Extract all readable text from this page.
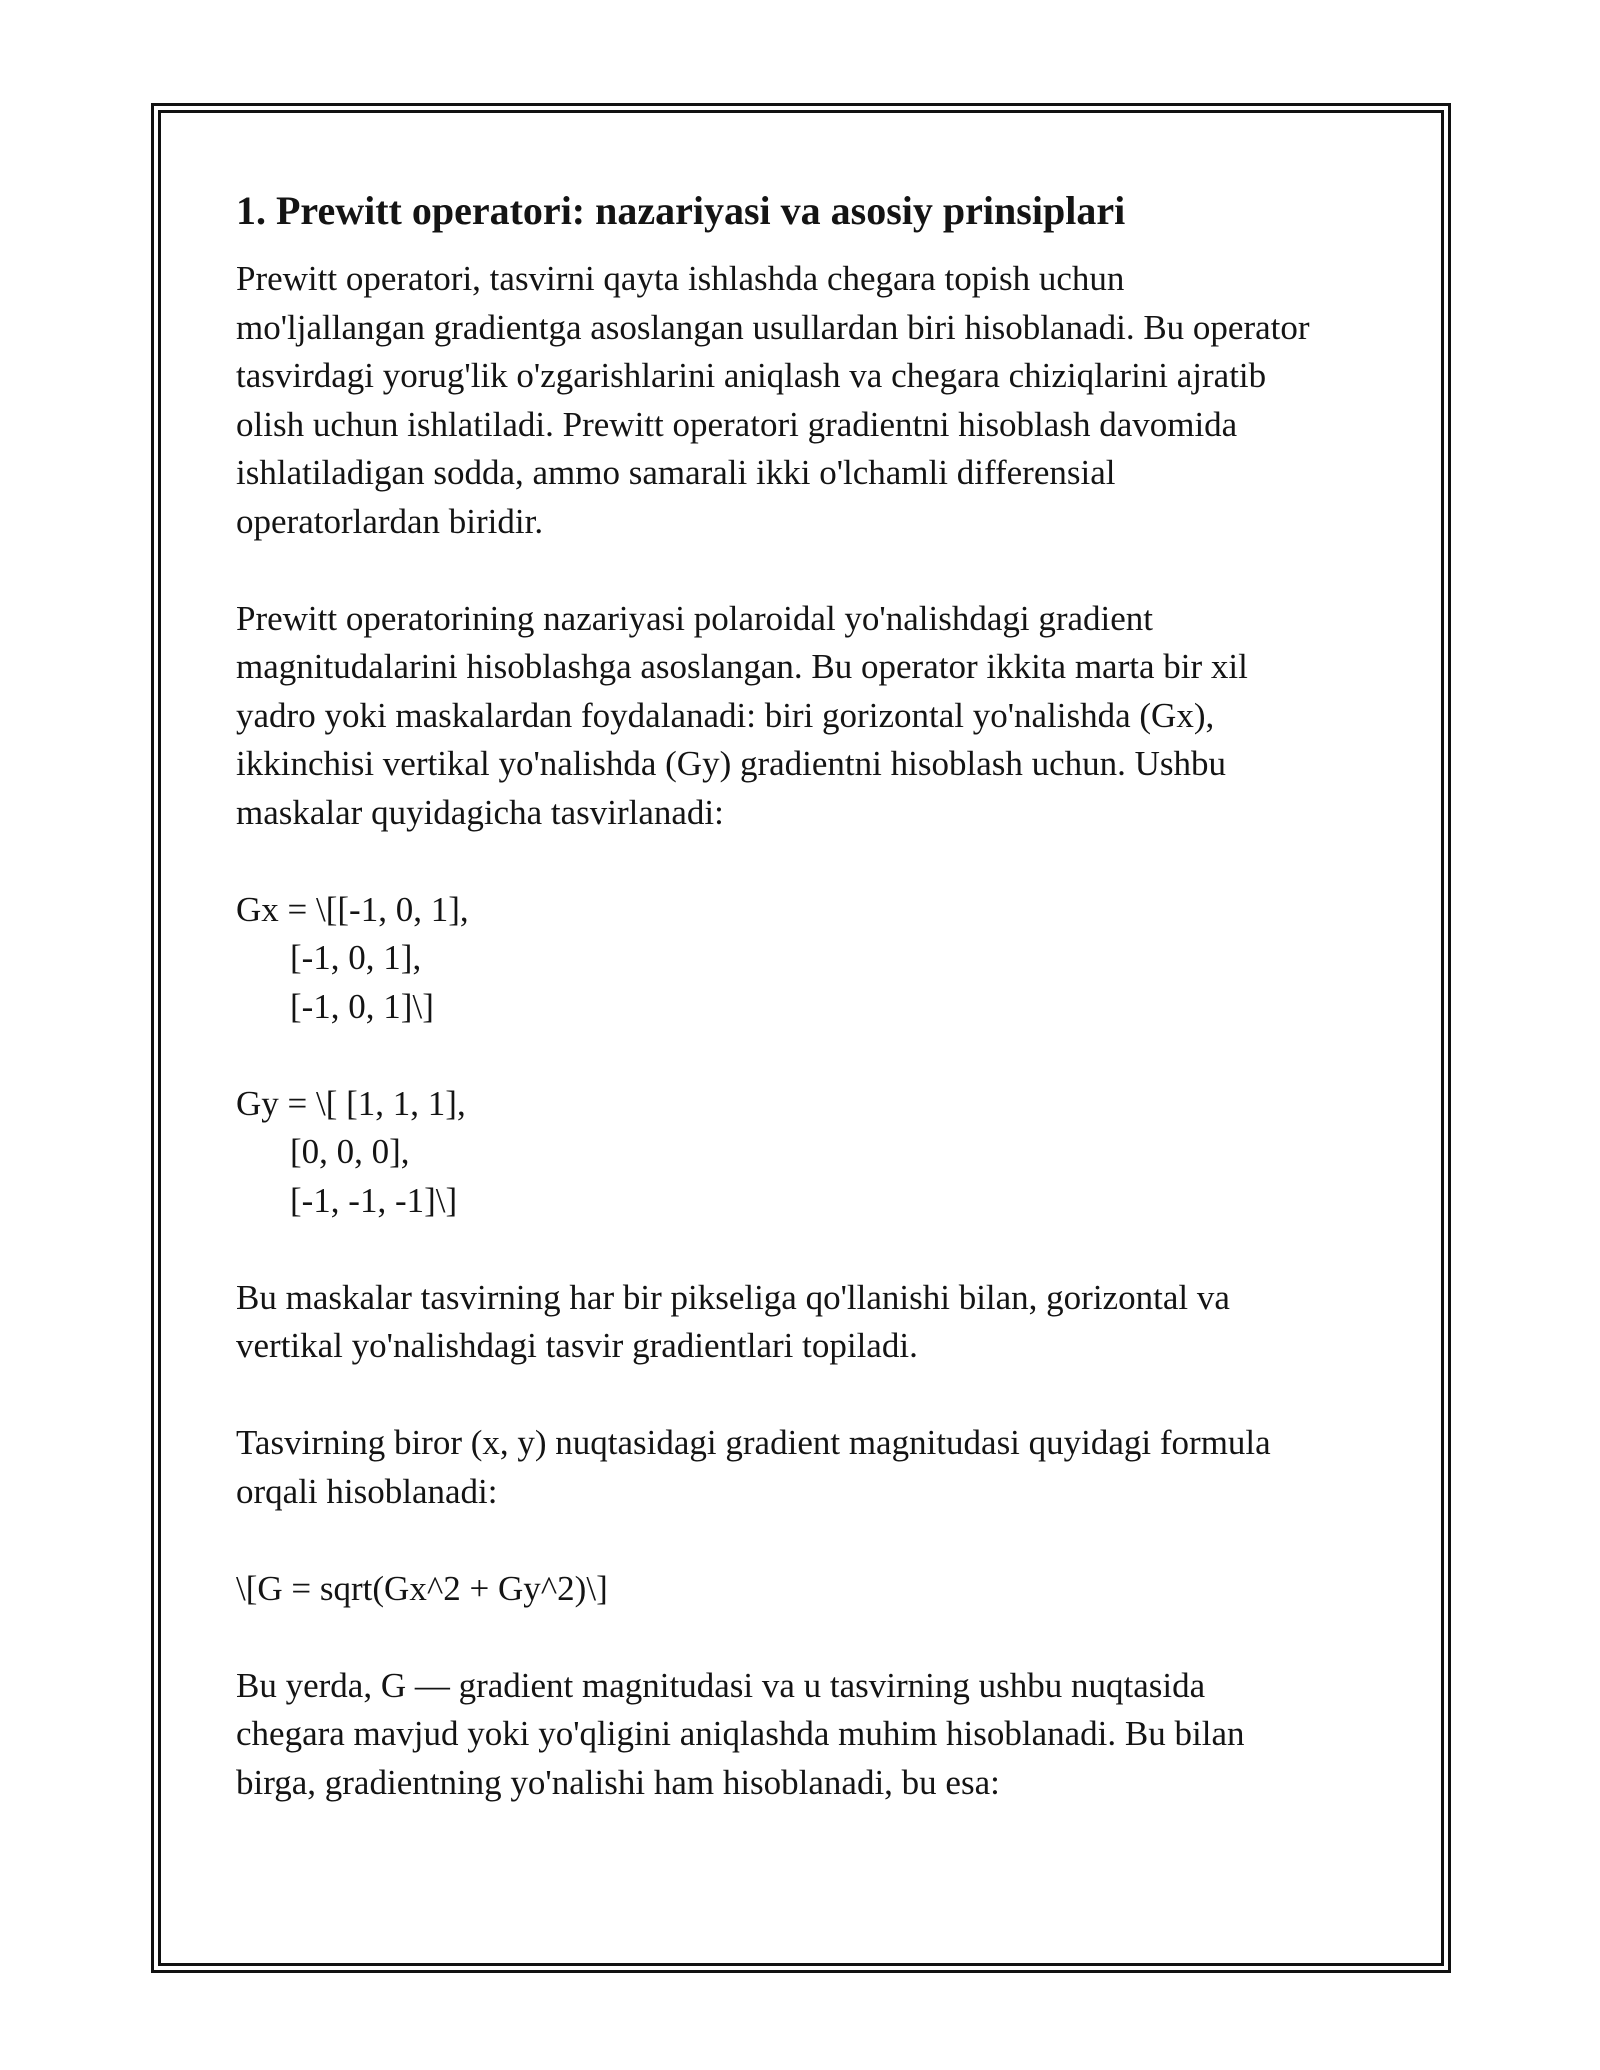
1. Prewitt operatori: nazariyasi va asosiy prinsiplari

Prewitt operatori, tasvirni qayta ishlashda chegara topish uchun
mo'ljallangan gradientga asoslangan usullardan biri hisoblanadi. Bu operator
tasvirdagi yorug'lik o'zgarishlarini aniqlash va chegara chiziqlarini ajratib
olish uchun ishlatiladi. Prewitt operatori gradientni hisoblash davomida
ishlatiladigan sodda, ammo samarali ikki o'lchamli differensial
operatorlardan biridir.

Prewitt operatorining nazariyasi polaroidal yo'nalishdagi gradient
magnitudalarini hisoblashga asoslangan. Bu operator ikkita marta bir xil
yadro yoki maskalardan foydalanadi: biri gorizontal yo'nalishda (Gx),
ikkinchisi vertikal yo'nalishda (Gy) gradientni hisoblash uchun. Ushbu
maskalar quyidagicha tasvirlanadi:

Gx = \[[-1, 0, 1],

[-1, 0, 1],

[-1, 0, 1]\]

Gy = \[ [1, 1, 1],

[0, 0, 0],

[-1, -1, -1]\]

Bu maskalar tasvirning har bir pikseliga qo'llanishi bilan, gorizontal va
vertikal yo'nalishdagi tasvir gradientlari topiladi.

Tasvirning biror (x, y) nuqtasidagi gradient magnitudasi quyidagi formula
orqali hisoblanadi:

\[G = sqrt(Gx^2 + Gy^2)\]

Bu yerda, G — gradient magnitudasi va u tasvirning ushbu nuqtasida
chegara mavjud yoki yo'qligini aniqlashda muhim hisoblanadi. Bu bilan
birga, gradientning yo'nalishi ham hisoblanadi, bu esa:
